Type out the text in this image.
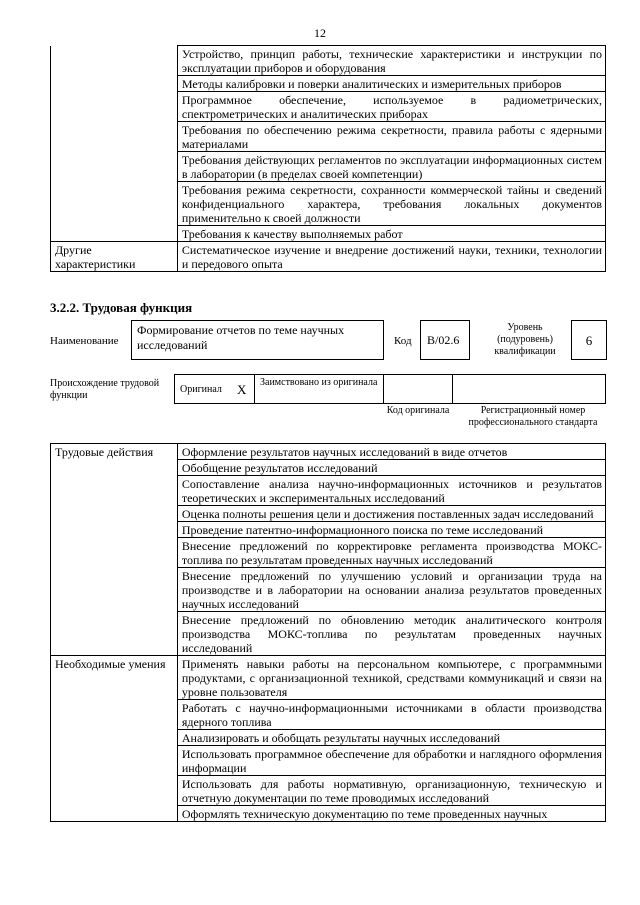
12
	Устройство, принцип работы, технические характеристики и инструкции по эксплуатации приборов и оборудования
	Методы калибровки и поверки аналитических и измерительных приборов
	Программное обеспечение, используемое в радиометрических, спектрометрических и аналитических приборах
	Требования по обеспечению режима секретности, правила работы с ядерными материалами
	Требования действующих регламентов по эксплуатации информационных систем в лаборатории (в пределах своей компетенции)
	Требования режима секретности, сохранности коммерческой тайны и сведений конфиденциального характера, требования локальных документов применительно к своей должности
	Требования к качеству выполняемых работ
Другие характеристики	Систематическое изучение и внедрение достижений науки, техники, технологии и передового опыта
3.2.2. Трудовая функция
Наименование
Формирование отчетов по теме научных исследований	Код	B/02.6
Уровень (подуровень) квалификации
6
Происхождение трудовой функции
Оригинал X Заимствовано из оригинала
Код оригинала	Регистрационный номер профессионального стандарта
Трудовые действия	Оформление результатов научных исследований в виде отчетов
	Обобщение результатов исследований
	Сопоставление анализа научно-информационных источников и результатов теоретических и экспериментальных исследований
	Оценка полноты решения цели и достижения поставленных задач исследований
	Проведение патентно-информационного поиска по теме исследований
	Внесение предложений по корректировке регламента производства МОКС-топлива по результатам проведенных научных исследований
	Внесение предложений по улучшению условий и организации труда на производстве и в лаборатории на основании анализа результатов проведенных научных исследований
	Внесение предложений по обновлению методик аналитического контроля производства МОКС-топлива по результатам проведенных научных исследований
Необходимые умения	Применять навыки работы на персональном компьютере, с программными продуктами, с организационной техникой, средствами коммуникаций и связи на уровне пользователя
	Работать с научно-информационными источниками в области производства ядерного топлива
	Анализировать и обобщать результаты научных исследований
	Использовать программное обеспечение для обработки и наглядного оформления информации
	Использовать для работы нормативную, организационную, техническую и отчетную документации по теме проводимых исследований
	Оформлять техническую документацию по теме проведенных научных
